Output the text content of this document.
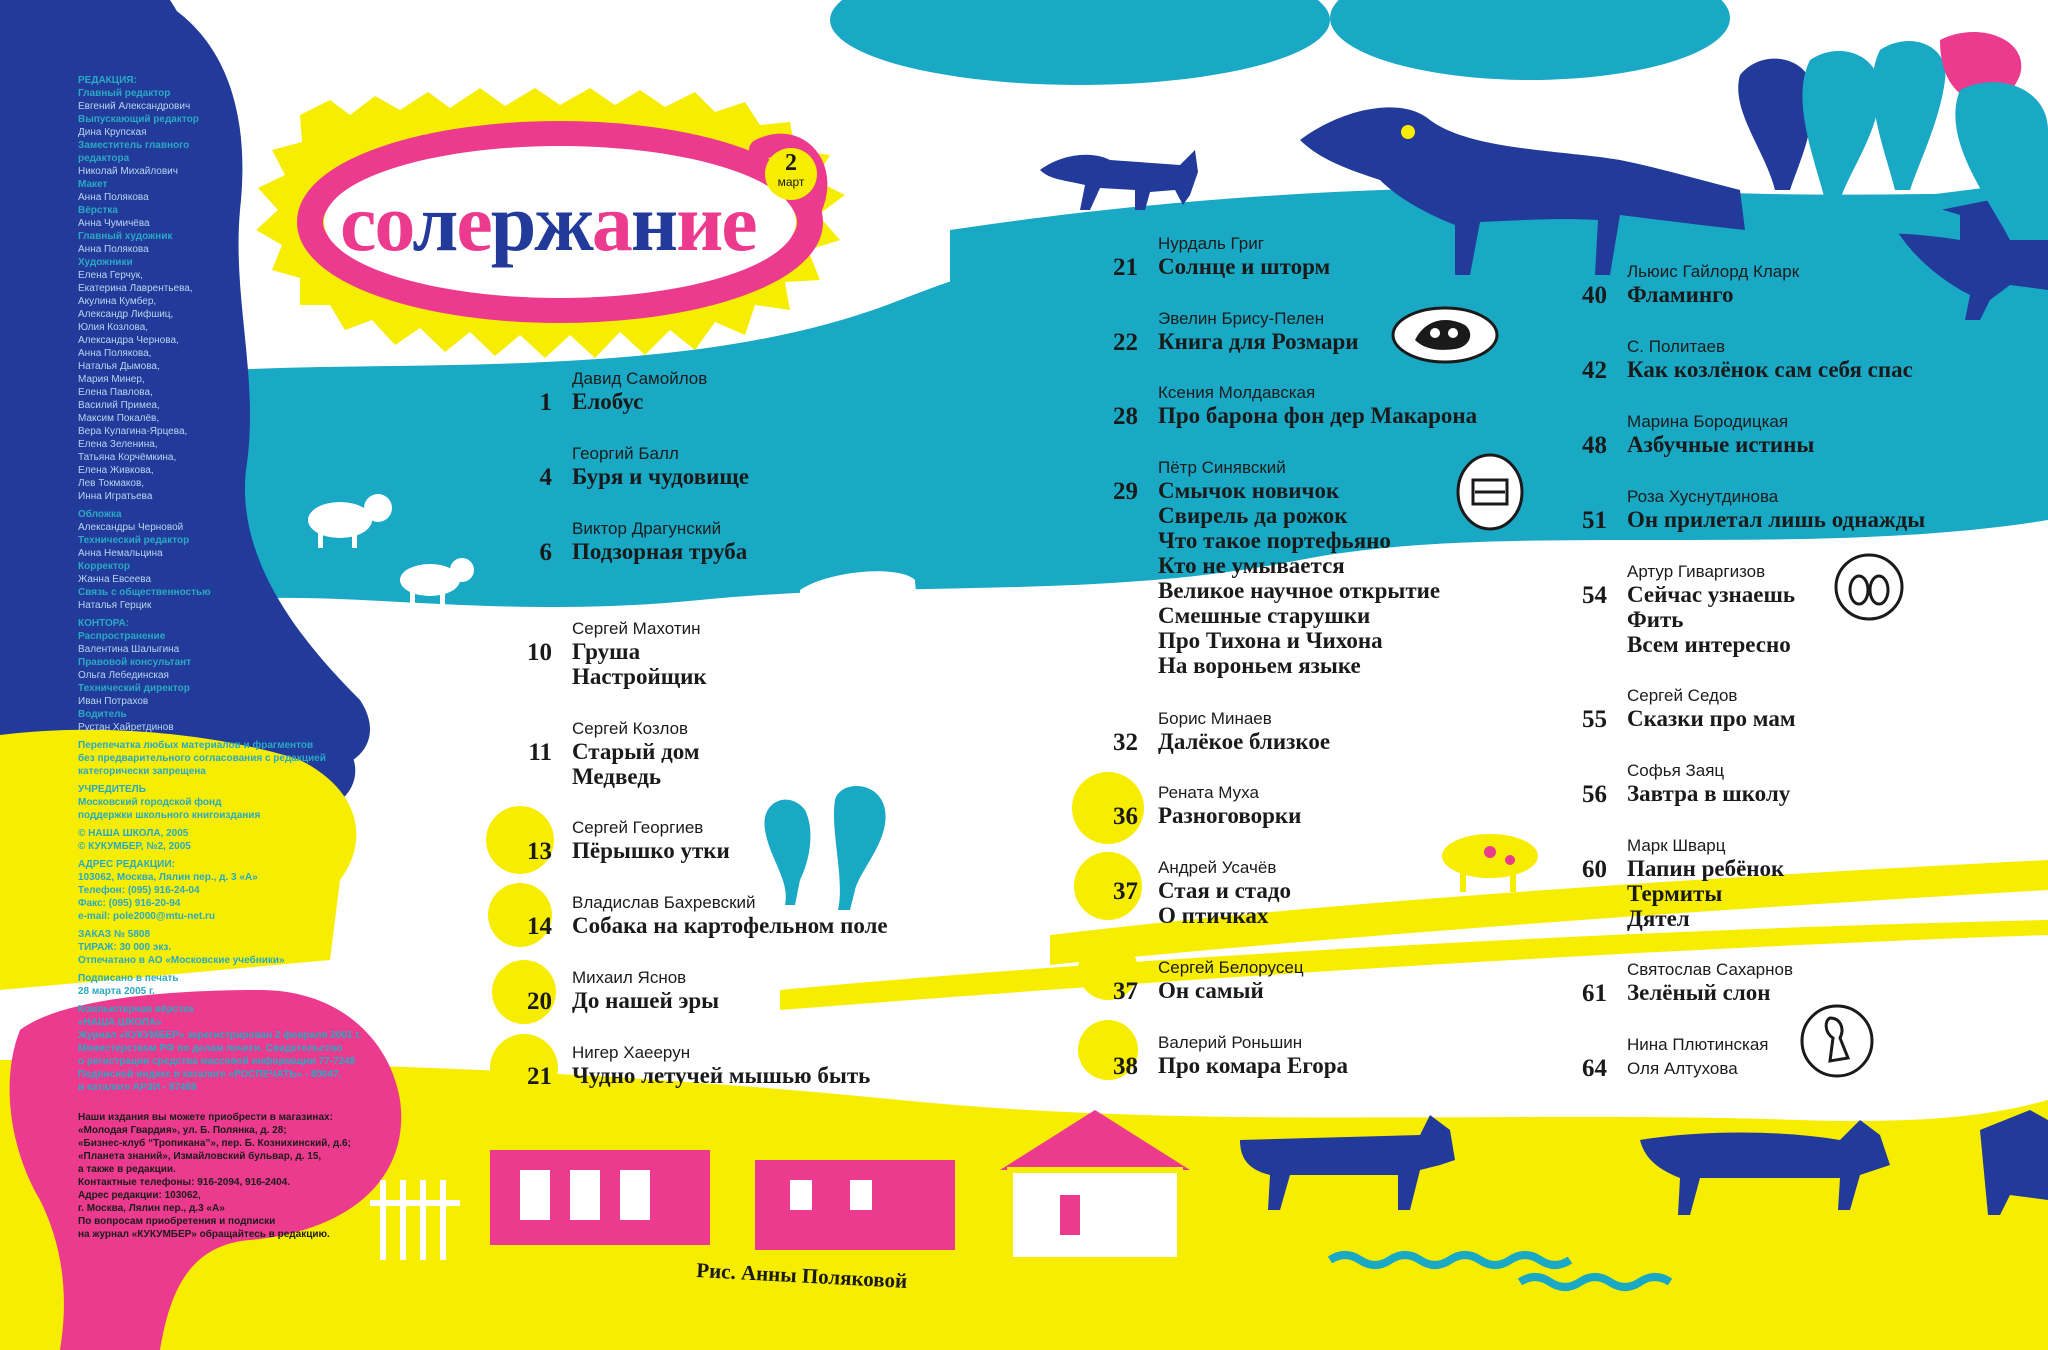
солержание
2
март
РЕДАКЦИЯ:
Главный редактор
Евгений Александрович
Выпускающий редактор
Дина Крупская
Заместитель главного
редактора
Николай Михайлович
Макет
Анна Полякова
Вёрстка
Анна Чумичёва
Главный художник
Анна Полякова
Художники
Елена Герчук,
Екатерина Лаврентьева,
Акулина Кумбер,
Александр Лифшиц,
Юлия Козлова,
Александра Чернова,
Анна Полякова,
Наталья Дымова,
Мария Минер,
Елена Павлова,
Василий Примеа,
Максим Покалёв,
Вера Кулагина-Ярцева,
Елена Зеленина,
Татьяна Корчёмкина,
Елена Живкова,
Лев Токмаков,
Инна Игратьева
Обложка
Александры Черновой
Технический редактор
Анна Немальцина
Корректор
Жанна Евсеева
Связь с общественностью
Наталья Герцик
КОНТОРА:
Распространение
Валентина Шалыгина
Правовой консультант
Ольга Лебединская
Технический директор
Иван Потрахов
Водитель
Рустан Хайретдинов
Перепечатка любых материалов и фрагментов
без предварительного согласования с редакцией
категорически запрещена
УЧРЕДИТЕЛЬ
Московский городской фонд
поддержки школьного книгоиздания
© НАША ШКОЛА, 2005
© КУКУМБЕР, №2, 2005
АДРЕС РЕДАКЦИИ:
103062, Москва, Лялин пер., д. 3 «А»
Телефон: (095) 916-24-04
Факс: (095) 916-20-94
e-mail: pole2000@mtu-net.ru
ЗАКАЗ № 5808
ТИРАЖ: 30 000 экз.
Отпечатано в АО «Московские учебники»
Подписано в печать
28 марта 2005 г.
Компьютерная вёрстка
«НАША ШКОЛА»
Журнал «КУКУМБЕР» зарегистрирован 2 февраля 2001 г.
Министерством РФ по делам печати. Свидетельство
о регистрации средства массовой информации 77-7248
Подписной индекс в каталоге «РОСПЕЧАТЬ» - 80647,
в каталоге АРЗИ - 87489
Наши издания вы можете приобрести в магазинах:
«Молодая Гвардия», ул. Б. Полянка, д. 28;
«Бизнес-клуб “Тропикана”», пер. Б. Кознихинский, д.6;
«Планета знаний», Измайловский бульвар, д. 15,
а также в редакции.
Контактные телефоны: 916-2094, 916-2404.
Адрес редакции: 103062,
г. Москва, Лялин пер., д.3 «А»
По вопросам приобретения и подписки
на журнал «КУКУМБЕР» обращайтесь в редакцию.
1
Давид Самойлов
Елобус
4
Георгий Балл
Буря и чудовище
6
Виктор Драгунский
Подзорная труба
10
Сергей Махотин
Груша
Настройщик
11
Сергей Козлов
Старый дом
Медведь
13
Сергей Георгиев
Пёрышко утки
14
Владислав Бахревский
Собака на картофельном поле
20
Михаил Яснов
До нашей эры
21
Нигер Хаеерун
Чудно летучей мышью быть
21
Нурдаль Григ
Солнце и шторм
22
Эвелин Брису-Пелен
Книга для Розмари
28
Ксения Молдавская
Про барона фон дер Макарона
29
Пётр Синявский
Смычок новичок
Свирель да рожок
Что такое портефьяно
Кто не умывается
Великое научное открытие
Смешные старушки
Про Тихона и Чихона
На вороньем языке
32
Борис Минаев
Далёкое близкое
36
Рената Муха
Разноговорки
37
Андрей Усачёв
Стая и стадо
О птичках
37
Сергей Белорусец
Он самый
38
Валерий Роньшин
Про комара Егора
40
Льюис Гайлорд Кларк
Фламинго
42
С. Политаев
Как козлёнок сам себя спас
48
Марина Бородицкая
Азбучные истины
51
Роза Хуснутдинова
Он прилетал лишь однажды
54
Артур Гиваргизов
Сейчас узнаешь
Фить
Всем интересно
55
Сергей Седов
Сказки про мам
56
Софья Заяц
Завтра в школу
60
Марк Шварц
Папин ребёнок
Термиты
Дятел
61
Святослав Сахарнов
Зелёный слон
64
Нина Плютинская
Оля Алтухова
Рис. Анны Поляковой
